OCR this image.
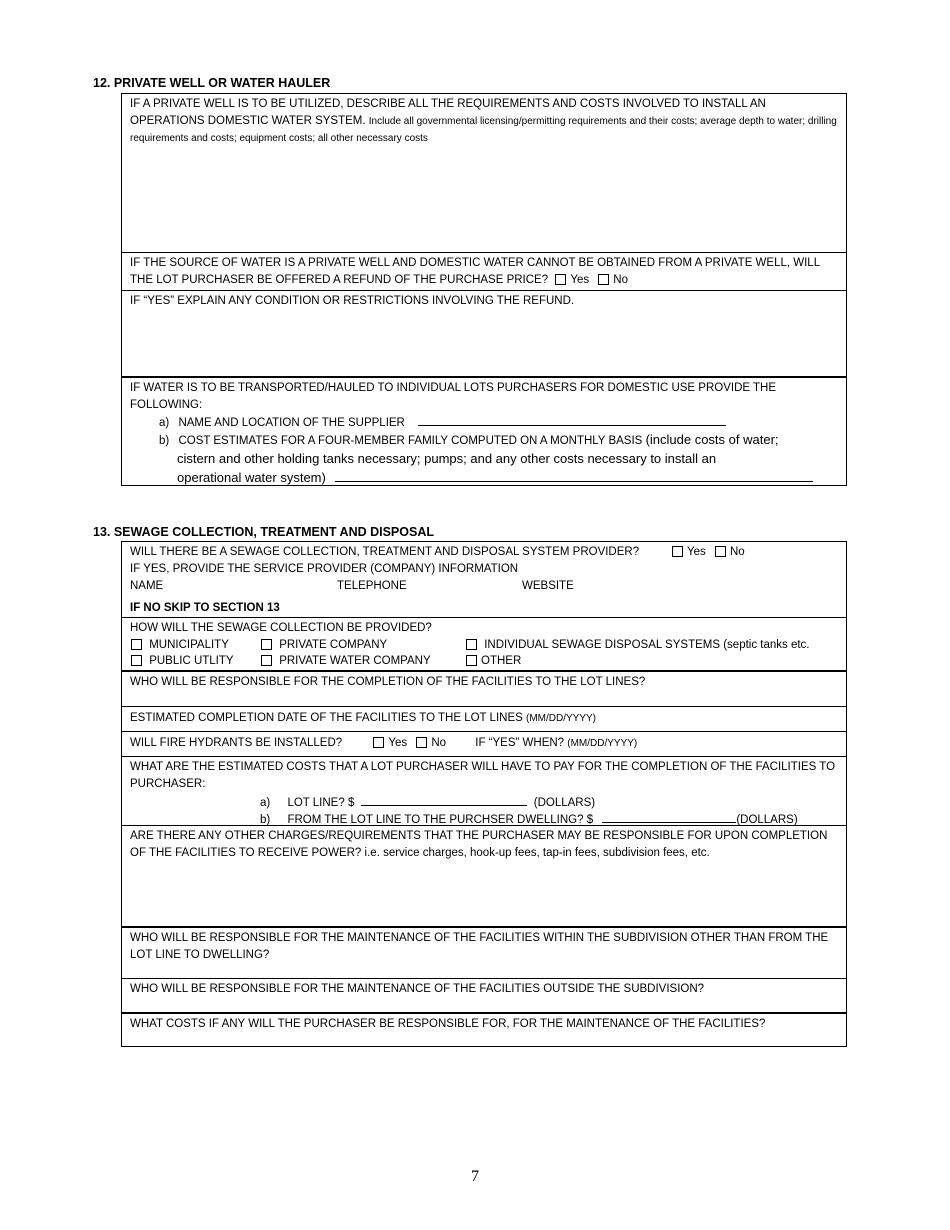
12. PRIVATE WELL OR WATER HAULER
IF A PRIVATE WELL IS TO BE UTILIZED, DESCRIBE ALL THE REQUIREMENTS AND COSTS INVOLVED TO INSTALL AN OPERATIONS DOMESTIC WATER SYSTEM. Include all governmental licensing/permitting requirements and their costs; average depth to water; drilling requirements and costs; equipment costs; all other necessary costs
IF THE SOURCE OF WATER IS A PRIVATE WELL AND DOMESTIC WATER CANNOT BE OBTAINED FROM A PRIVATE WELL, WILL
THE LOT PURCHASER BE OFFERED A REFUND OF THE PURCHASE PRICE? Yes No
IF “YES” EXPLAIN ANY CONDITION OR RESTRICTIONS INVOLVING THE REFUND.
IF WATER IS TO BE TRANSPORTED/HAULED TO INDIVIDUAL LOTS PURCHASERS FOR DOMESTIC USE PROVIDE THE
FOLLOWING:
a) NAME AND LOCATION OF THE SUPPLIER
b) COST ESTIMATES FOR A FOUR-MEMBER FAMILY COMPUTED ON A MONTHLY BASIS (include costs of water;
cistern and other holding tanks necessary; pumps; and any other costs necessary to install an
operational water system)
13. SEWAGE COLLECTION, TREATMENT AND DISPOSAL
WILL THERE BE A SEWAGE COLLECTION, TREATMENT AND DISPOSAL SYSTEM PROVIDER?	Yes No
IF YES, PROVIDE THE SERVICE PROVIDER (COMPANY) INFORMATION
NAME	TELEPHONE	WEBSITE
IF NO SKIP TO SECTION 13
HOW WILL THE SEWAGE COLLECTION BE PROVIDED?
MUNICIPALITY	PRIVATE COMPANY	INDIVIDUAL SEWAGE DISPOSAL SYSTEMS (septic tanks etc.
PUBLIC UTLITY	PRIVATE WATER COMPANY	OTHER
WHO WILL BE RESPONSIBLE FOR THE COMPLETION OF THE FACILITIES TO THE LOT LINES?
ESTIMATED COMPLETION DATE OF THE FACILITIES TO THE LOT LINES (MM/DD/YYYY)
WILL FIRE HYDRANTS BE INSTALLED?	Yes No	IF “YES” WHEN? (MM/DD/YYYY)
WHAT ARE THE ESTIMATED COSTS THAT A LOT PURCHASER WILL HAVE TO PAY FOR THE COMPLETION OF THE FACILITIES TO
PURCHASER:
a) LOT LINE? $	(DOLLARS)
b) FROM THE LOT LINE TO THE PURCHSER DWELLING? $	(DOLLARS)
ARE THERE ANY OTHER CHARGES/REQUIREMENTS THAT THE PURCHASER MAY BE RESPONSIBLE FOR UPON COMPLETION
OF THE FACILITIES TO RECEIVE POWER? i.e. service charges, hook-up fees, tap-in fees, subdivision fees, etc.
WHO WILL BE RESPONSIBLE FOR THE MAINTENANCE OF THE FACILITIES WITHIN THE SUBDIVISION OTHER THAN FROM THE
LOT LINE TO DWELLING?
WHO WILL BE RESPONSIBLE FOR THE MAINTENANCE OF THE FACILITIES OUTSIDE THE SUBDIVISION?
WHAT COSTS IF ANY WILL THE PURCHASER BE RESPONSIBLE FOR, FOR THE MAINTENANCE OF THE FACILITIES?
7
